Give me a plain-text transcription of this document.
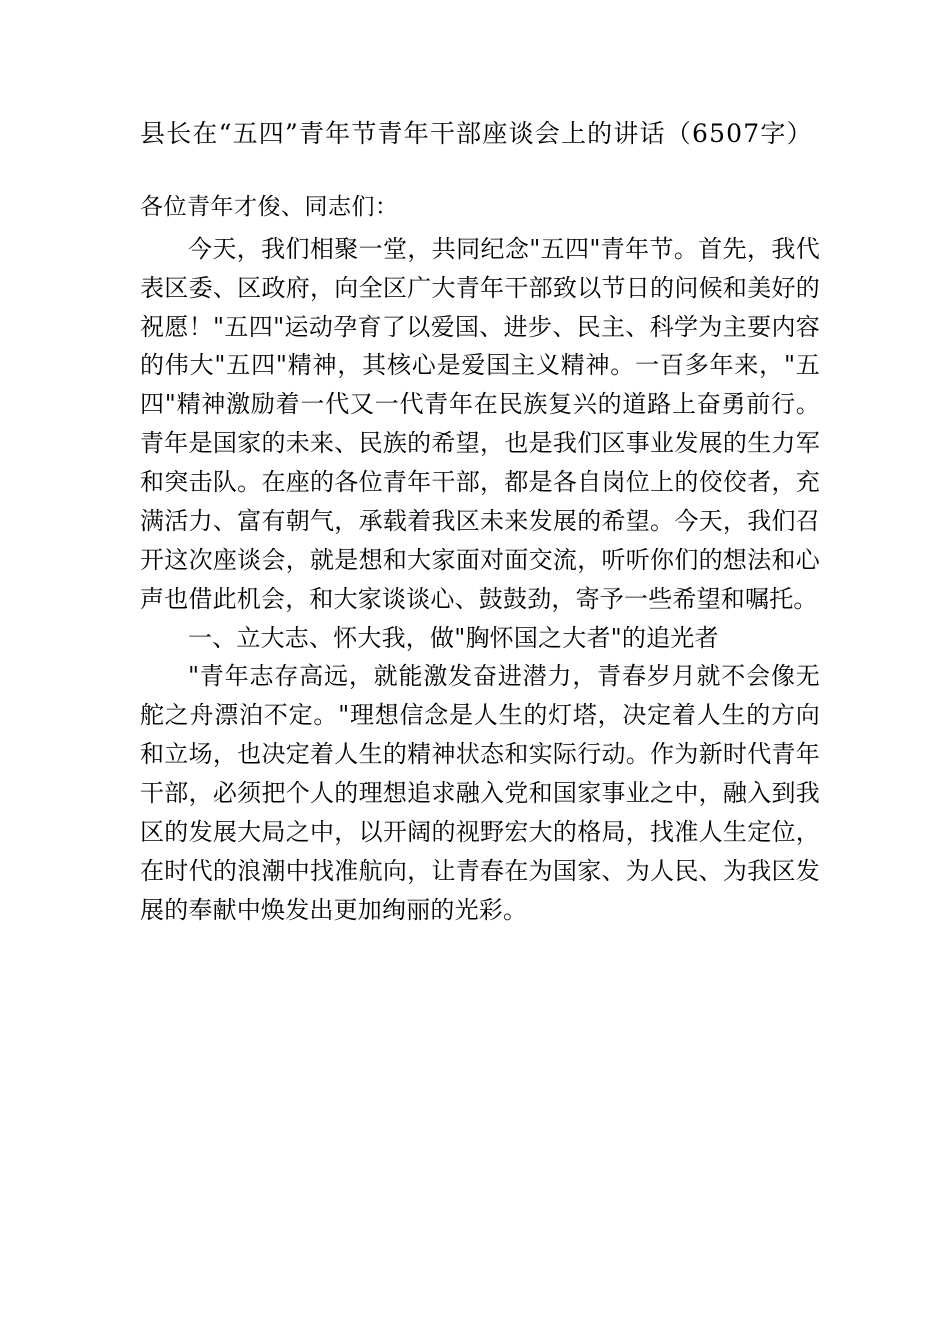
县长在“五四”青年节青年干部座谈会上的讲话（6507字）

各位青年才俊、同志们：

今天，我们相聚一堂，共同纪念"五四"青年节。首先，我代表区委、区政府，向全区广大青年干部致以节日的问候和美好的祝愿！"五四"运动孕育了以爱国、进步、民主、科学为主要内容的伟大"五四"精神，其核心是爱国主义精神。一百多年来，"五四"精神激励着一代又一代青年在民族复兴的道路上奋勇前行。青年是国家的未来、民族的希望，也是我们区事业发展的生力军和突击队。在座的各位青年干部，都是各自岗位上的佼佼者，充满活力、富有朝气，承载着我区未来发展的希望。今天，我们召开这次座谈会，就是想和大家面对面交流，听听你们的想法和心声也借此机会，和大家谈谈心、鼓鼓劲，寄予一些希望和嘱托。

一、立大志、怀大我，做"胸怀国之大者"的追光者

"青年志存高远，就能激发奋进潜力，青春岁月就不会像无舵之舟漂泊不定。"理想信念是人生的灯塔，决定着人生的方向和立场，也决定着人生的精神状态和实际行动。作为新时代青年干部，必须把个人的理想追求融入党和国家事业之中，融入到我区的发展大局之中，以开阔的视野宏大的格局，找准人生定位，在时代的浪潮中找准航向，让青春在为国家、为人民、为我区发展的奉献中焕发出更加绚丽的光彩。
